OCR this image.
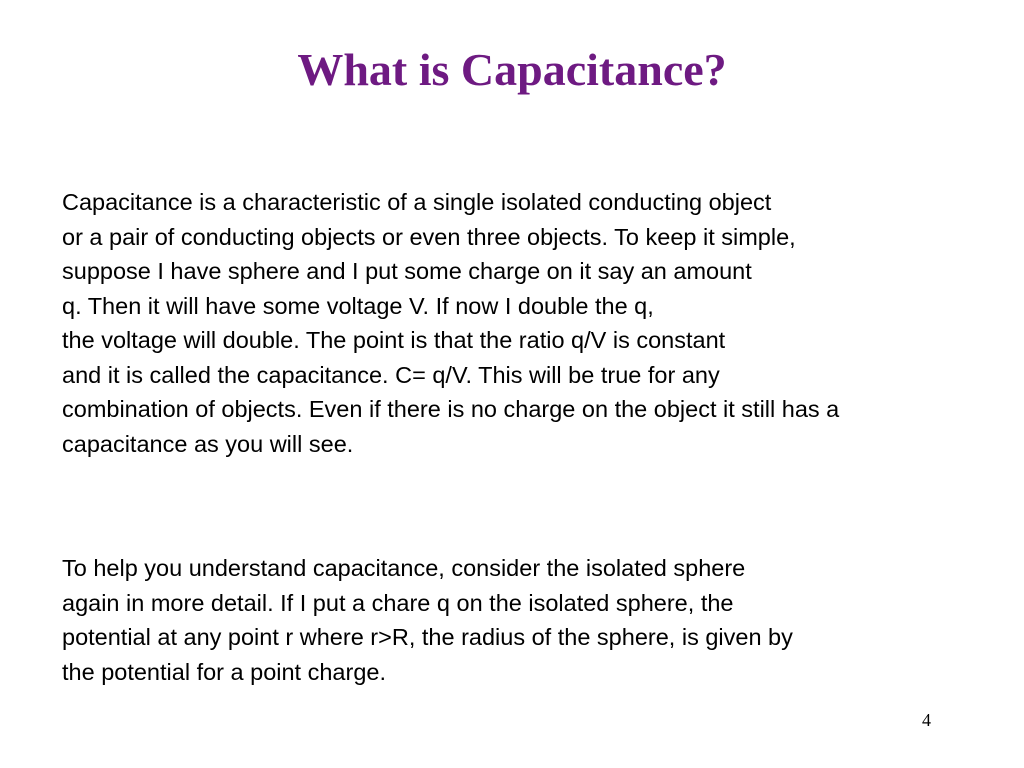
What is Capacitance?
Capacitance is a characteristic of a single isolated conducting object
or a pair of conducting objects or even three objects. To keep it simple,
suppose I have sphere and I put some charge on it say an amount
q. Then it will have some voltage V. If now I double the q,
the voltage will double. The point is that the ratio q/V is constant
and it is called the capacitance. C= q/V. This will be true for any
combination of objects. Even if there is no charge on the object it still has a
capacitance as you will see.
To help you understand capacitance, consider the isolated sphere
again in more detail. If I put a chare q on the isolated sphere, the
potential at any point r where r>R, the radius of the sphere, is given by
the potential for a point charge.
4
